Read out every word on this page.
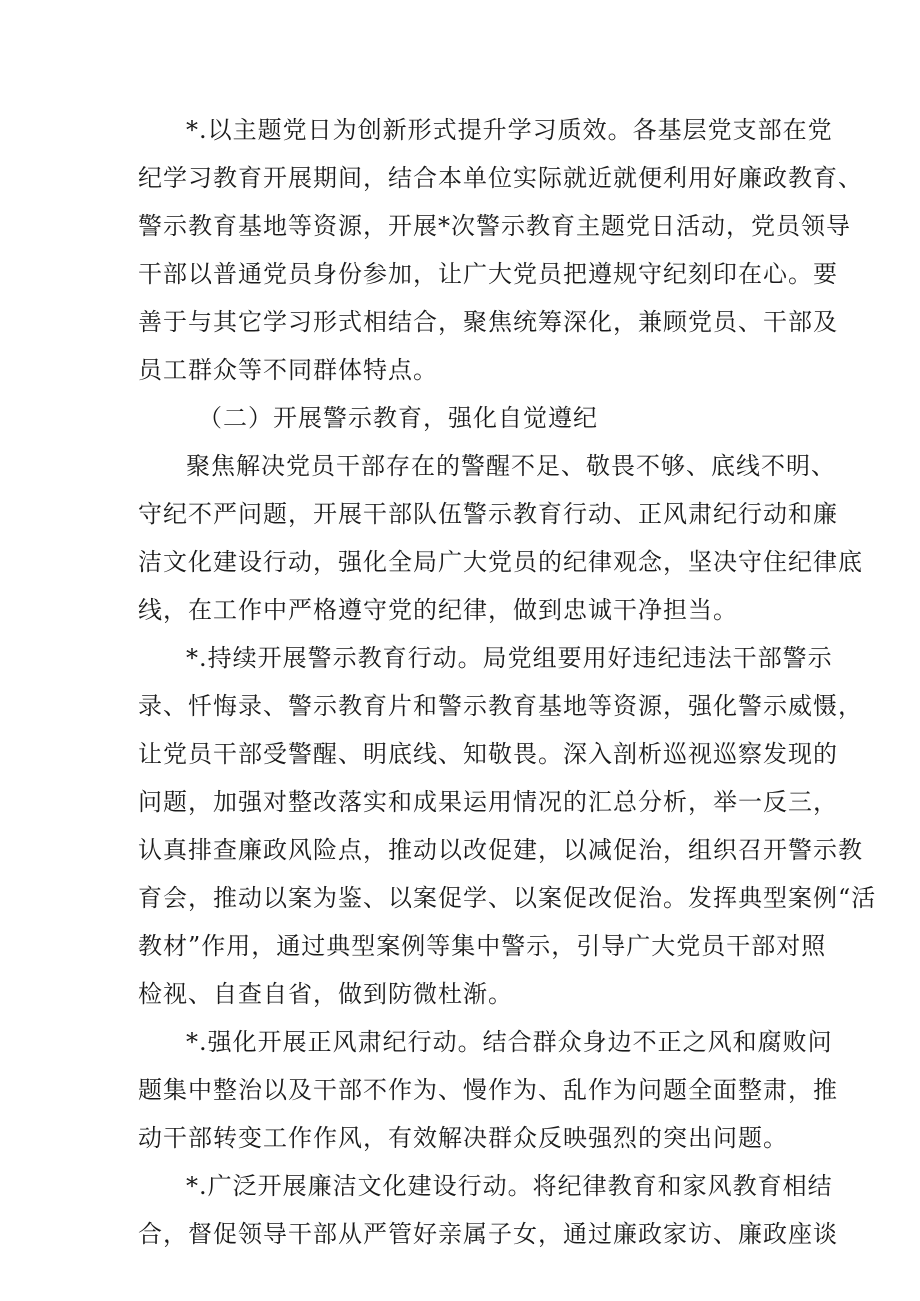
*.以主题党日为创新形式提升学习质效。各基层党支部在党
纪学习教育开展期间，结合本单位实际就近就便利用好廉政教育、
警示教育基地等资源，开展*次警示教育主题党日活动，党员领导
干部以普通党员身份参加，让广大党员把遵规守纪刻印在心。要
善于与其它学习形式相结合，聚焦统筹深化，兼顾党员、干部及
员工群众等不同群体特点。
（二）开展警示教育，强化自觉遵纪
聚焦解决党员干部存在的警醒不足、敬畏不够、底线不明、
守纪不严问题，开展干部队伍警示教育行动、正风肃纪行动和廉
洁文化建设行动，强化全局广大党员的纪律观念，坚决守住纪律底
线，在工作中严格遵守党的纪律，做到忠诚干净担当。
*.持续开展警示教育行动。局党组要用好违纪违法干部警示
录、忏悔录、警示教育片和警示教育基地等资源，强化警示威慑，
让党员干部受警醒、明底线、知敬畏。深入剖析巡视巡察发现的
问题，加强对整改落实和成果运用情况的汇总分析，举一反三，
认真排查廉政风险点，推动以改促建，以减促治，组织召开警示教
育会，推动以案为鉴、以案促学、以案促改促治。发挥典型案例“活
教材”作用，通过典型案例等集中警示，引导广大党员干部对照
检视、自查自省，做到防微杜渐。
*.强化开展正风肃纪行动。结合群众身边不正之风和腐败问
题集中整治以及干部不作为、慢作为、乱作为问题全面整肃，推
动干部转变工作作风，有效解决群众反映强烈的突出问题。
*.广泛开展廉洁文化建设行动。将纪律教育和家风教育相结
合，督促领导干部从严管好亲属子女，通过廉政家访、廉政座谈
